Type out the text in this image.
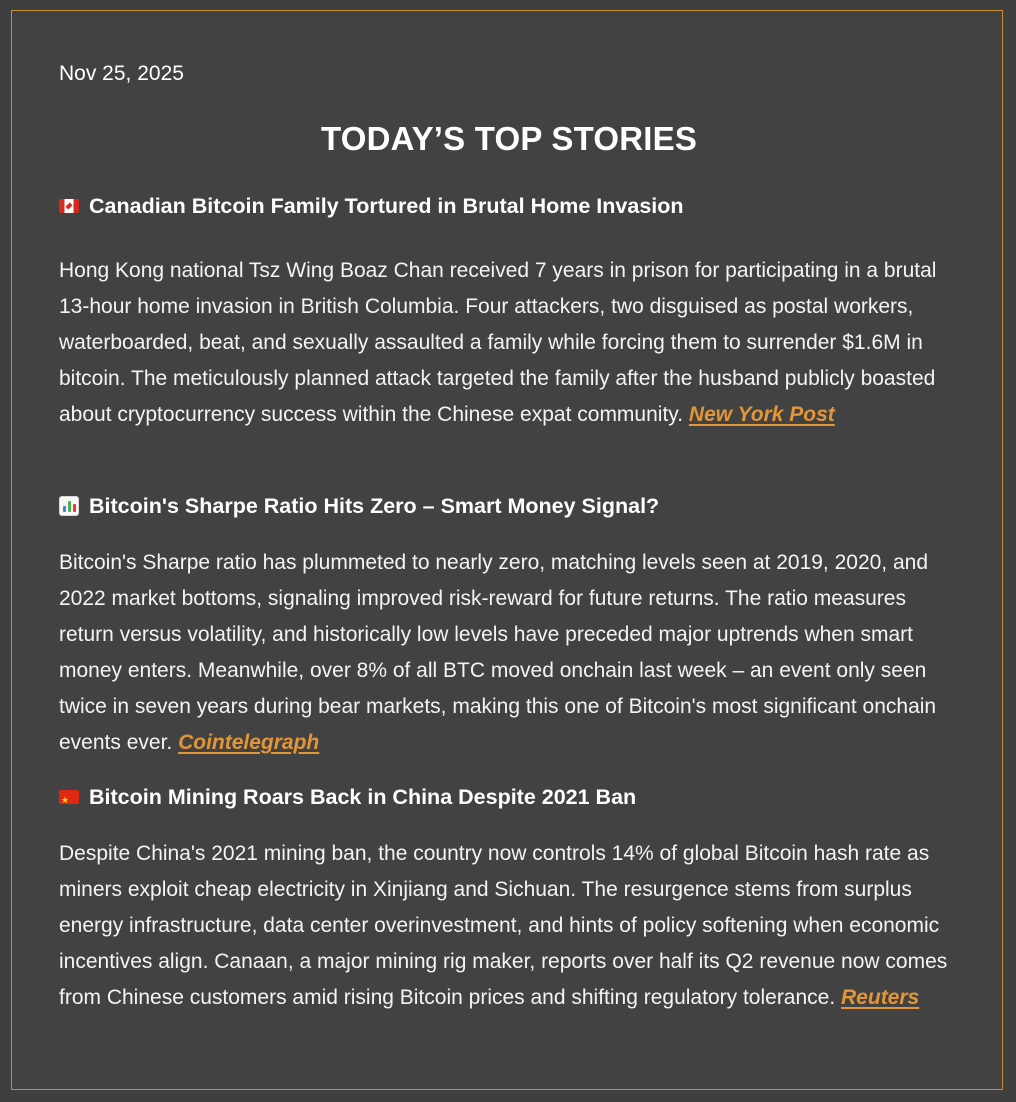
Nov 25, 2025
TODAY’S TOP STORIES
Canadian Bitcoin Family Tortured in Brutal Home Invasion
Hong Kong national Tsz Wing Boaz Chan received 7 years in prison for participating in a brutal 13-hour home invasion in British Columbia. Four attackers, two disguised as postal workers, waterboarded, beat, and sexually assaulted a family while forcing them to surrender $1.6M in bitcoin. The meticulously planned attack targeted the family after the husband publicly boasted about cryptocurrency success within the Chinese expat community. New York Post
Bitcoin's Sharpe Ratio Hits Zero – Smart Money Signal?
Bitcoin's Sharpe ratio has plummeted to nearly zero, matching levels seen at 2019, 2020, and 2022 market bottoms, signaling improved risk-reward for future returns. The ratio measures return versus volatility, and historically low levels have preceded major uptrends when smart money enters. Meanwhile, over 8% of all BTC moved onchain last week – an event only seen twice in seven years during bear markets, making this one of Bitcoin's most significant onchain events ever. Cointelegraph
★
Bitcoin Mining Roars Back in China Despite 2021 Ban
Despite China's 2021 mining ban, the country now controls 14% of global Bitcoin hash rate as miners exploit cheap electricity in Xinjiang and Sichuan. The resurgence stems from surplus energy infrastructure, data center overinvestment, and hints of policy softening when economic incentives align. Canaan, a major mining rig maker, reports over half its Q2 revenue now comes from Chinese customers amid rising Bitcoin prices and shifting regulatory tolerance. Reuters
